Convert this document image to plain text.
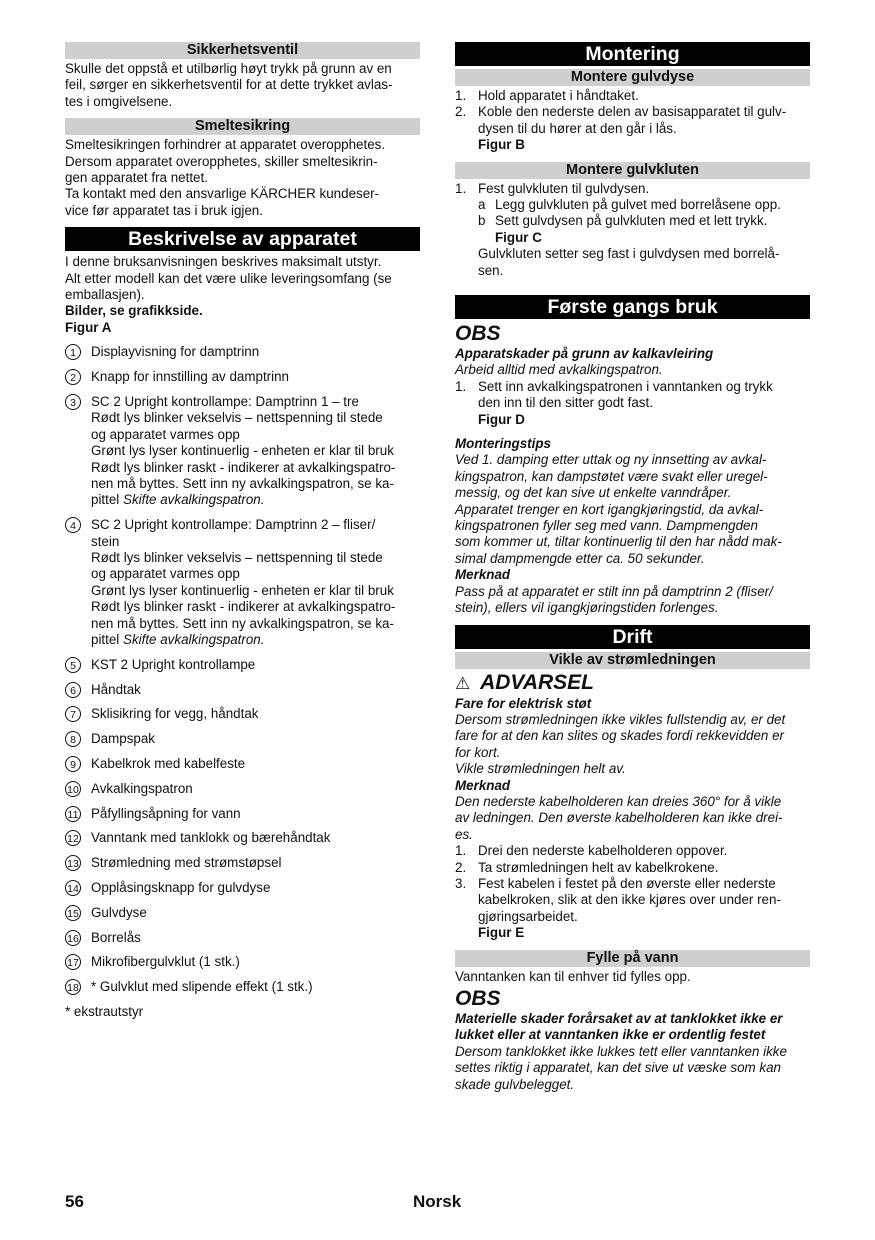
Sikkerhetsventil

Skulle det oppstå et utilbørlig høyt trykk på grunn av en

feil, sørger en sikkerhetsventil for at dette trykket avlas-

tes i omgivelsene.

Smeltesikring

Smeltesikringen forhindrer at apparatet overopphetes.

Dersom apparatet overopphetes, skiller smeltesikrin-

gen apparatet fra nettet.

Ta kontakt med den ansvarlige KÄRCHER kundeser-

vice før apparatet tas i bruk igjen.

Beskrivelse av apparatet

I denne bruksanvisningen beskrives maksimalt utstyr.

Alt etter modell kan det være ulike leveringsomfang (se

emballasjen).

Bilder, se grafikkside.

Figur A

1	Displayvisning for damptrinn

2	Knapp for innstilling av damptrinn

3	SC 2 Upright kontrollampe: Damptrinn 1 – tre

Rødt lys blinker vekselvis – nettspenning til stede

og apparatet varmes opp

Grønt lys lyser kontinuerlig - enheten er klar til bruk

Rødt lys blinker raskt - indikerer at avkalkingspatro-

nen må byttes. Sett inn ny avkalkingspatron, se ka-

pittel Skifte avkalkingspatron.

4	SC 2 Upright kontrollampe: Damptrinn 2 – fliser/

stein

Rødt lys blinker vekselvis – nettspenning til stede

og apparatet varmes opp

Grønt lys lyser kontinuerlig - enheten er klar til bruk

Rødt lys blinker raskt - indikerer at avkalkingspatro-

nen må byttes. Sett inn ny avkalkingspatron, se ka-

pittel Skifte avkalkingspatron.

5	KST 2 Upright kontrollampe

6	Håndtak

7	Sklisikring for vegg, håndtak

8	Dampspak

9	Kabelkrok med kabelfeste

10 Avkalkingspatron

11 Påfyllingsåpning for vann

12 Vanntank med tanklokk og bærehåndtak

13 Strømledning med strømstøpsel

14 Opplåsingsknapp for gulvdyse

15 Gulvdyse

16 Borrelås

17 Mikrofibergulvklut (1 stk.)

18 * Gulvklut med slipende effekt (1 stk.)

* ekstrautstyr

Montering
Montere gulvdyse
1. Hold apparatet i håndtaket.
2. Koble den nederste delen av basisapparatet til gulv-

dysen til du hører at den går i lås.

Figur B

Montere gulvkluten
1. Fest gulvkluten til gulvdysen.
a Legg gulvkluten på gulvet med borrelåsene opp.
b Sett gulvdysen på gulvkluten med et lett trykk.

Figur C

Gulvkluten setter seg fast i gulvdysen med borrelå-

sen.

Første gangs bruk

OBS

Apparatskader på grunn av kalkavleiring

Arbeid alltid med avkalkingspatron.

1. Sett inn avkalkingspatronen i vanntanken og trykk

den inn til den sitter godt fast.

Figur D

Monteringstips

Ved 1. damping etter uttak og ny innsetting av avkal-

kingspatron, kan dampstøtet være svakt eller uregel-

messig, og det kan sive ut enkelte vanndråper.

Apparatet trenger en kort igangkjøringstid, da avkal-

kingspatronen fyller seg med vann. Dampmengden

som kommer ut, tiltar kontinuerlig til den har nådd mak-

simal dampmengde etter ca. 50 sekunder.

Merknad

Pass på at apparatet er stilt inn på damptrinn 2 (fliser/

stein), ellers vil igangkjøringstiden forlenges.

Drift
Vikle av strømledningen

⚠ ADVARSEL

Fare for elektrisk støt

Dersom strømledningen ikke vikles fullstendig av, er det

fare for at den kan slites og skades fordi rekkevidden er

for kort.

Vikle strømledningen helt av.

Merknad

Den nederste kabelholderen kan dreies 360° for å vikle

av ledningen. Den øverste kabelholderen kan ikke drei-

es.

1. Drei den nederste kabelholderen oppover.
2. Ta strømledningen helt av kabelkrokene.
3. Fest kabelen i festet på den øverste eller nederste

kabelkroken, slik at den ikke kjøres over under ren-

gjøringsarbeidet.

Figur E

Fylle på vann

Vanntanken kan til enhver tid fylles opp.

OBS

Materielle skader forårsaket av at tanklokket ikke er

lukket eller at vanntanken ikke er ordentlig festet

Dersom tanklokket ikke lukkes tett eller vanntanken ikke

settes riktig i apparatet, kan det sive ut væske som kan

skade gulvbelegget.

56	Norsk
